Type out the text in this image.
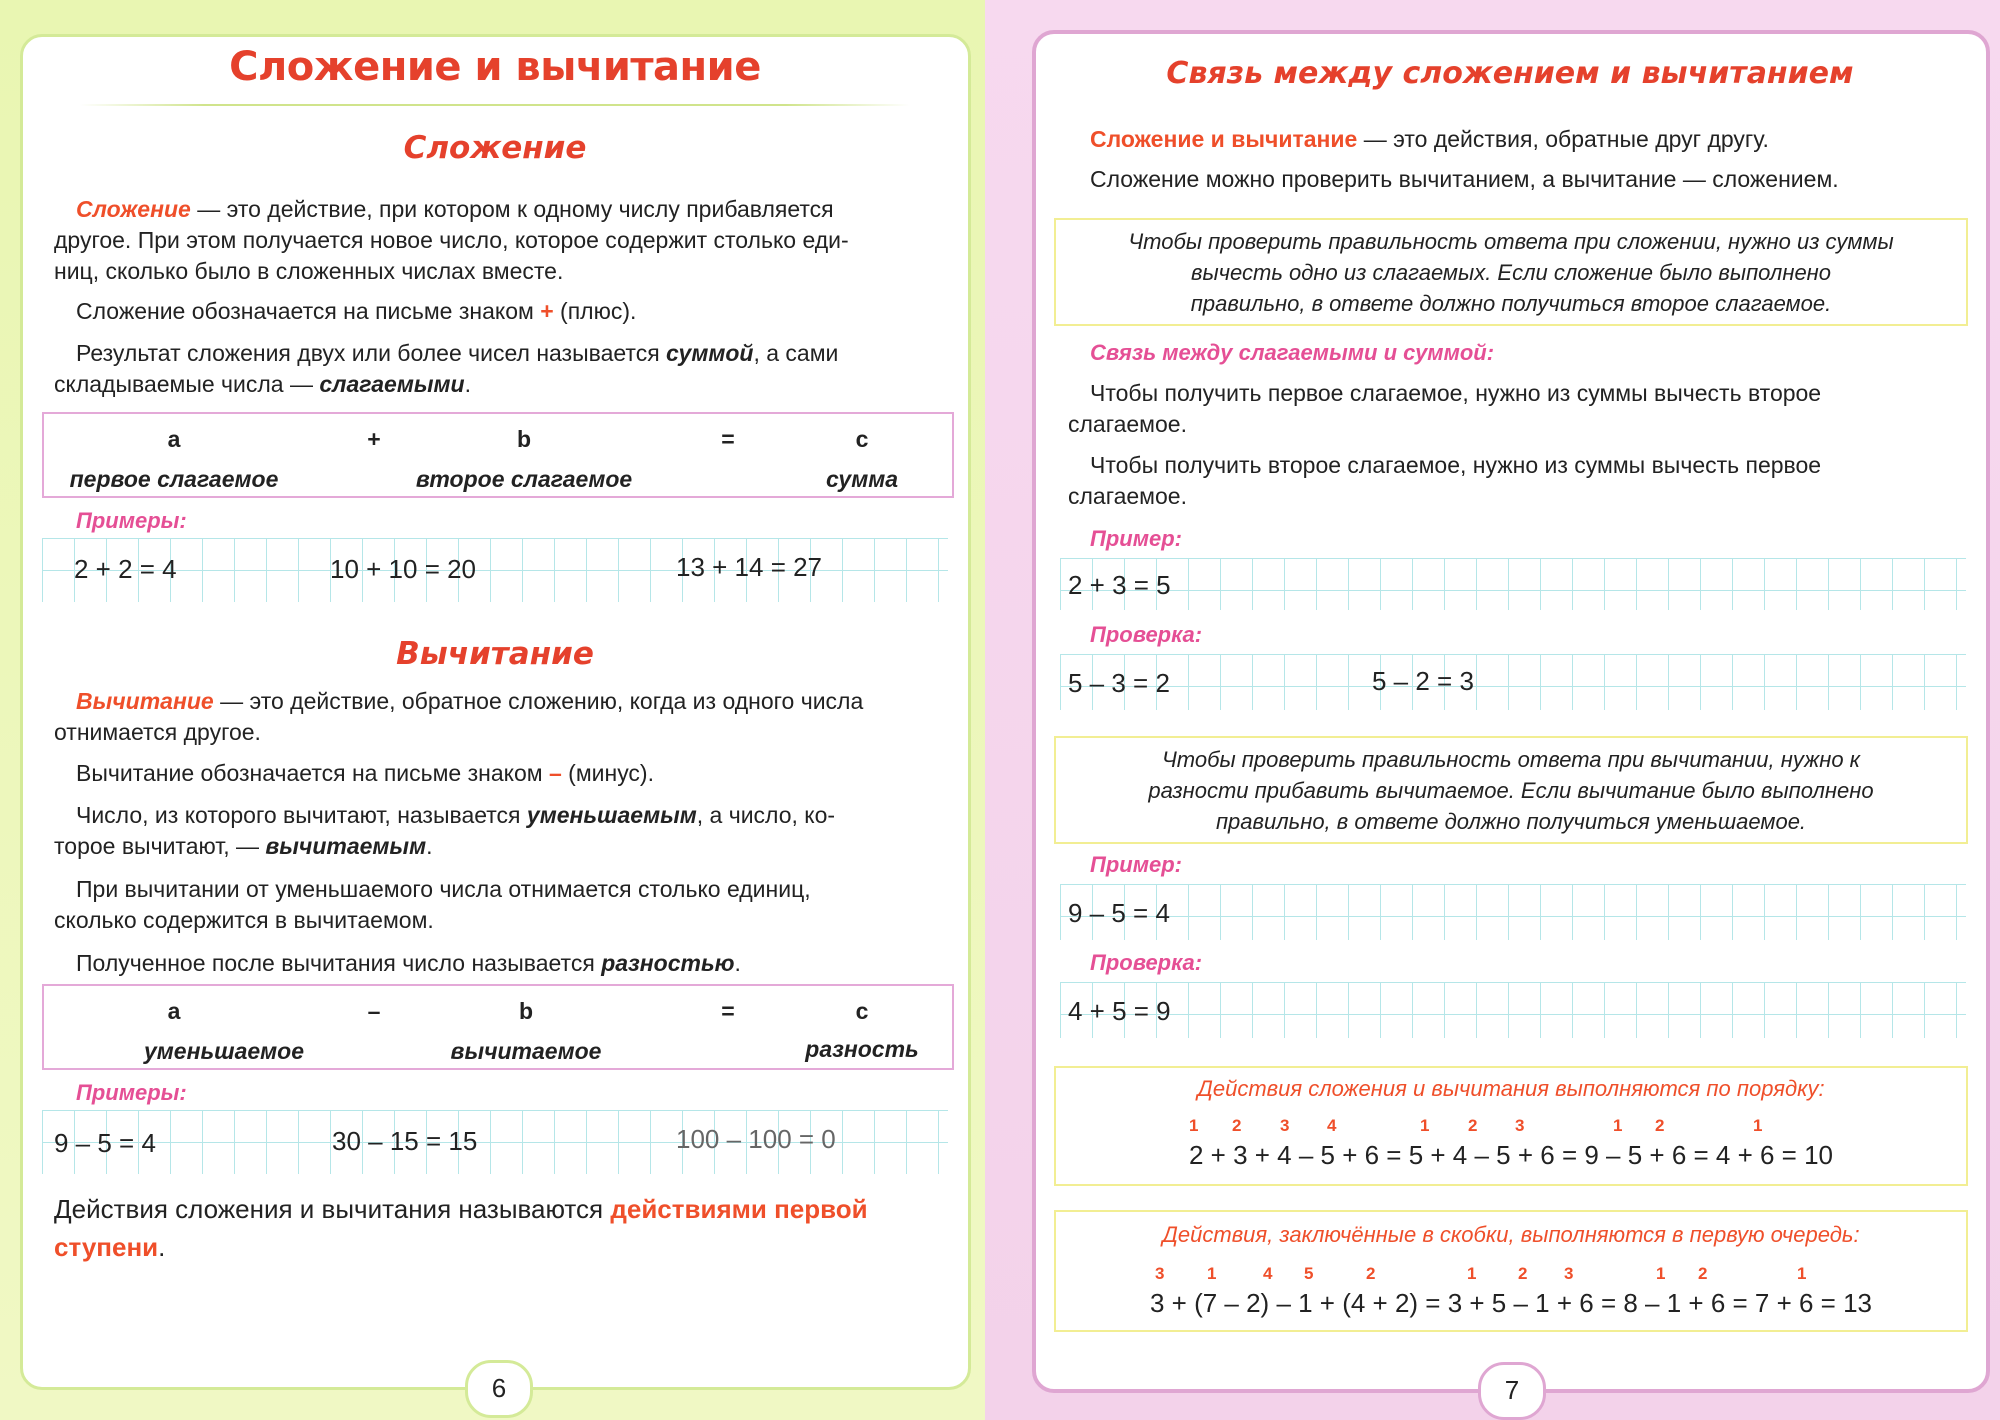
Сложение и вычитание
Сложение
Сложение — это действие, при котором к одному числу прибавляется
другое. При этом получается новое число, которое содержит столько еди-
ниц, сколько было в сложенных числах вместе.
Сложение обозначается на письме знаком + (плюс).
Результат сложения двух или более чисел называется суммой, а сами
складываемые числа — слагаемыми.
a	+	b	=	c
первое слагаемое	второе слагаемое	сумма
Примеры:
2 + 2 = 4	10 + 10 = 20	13 + 14 = 27
Вычитание
Вычитание — это действие, обратное сложению, когда из одного числа
отнимается другое.
Вычитание обозначается на письме знаком – (минус).
Число, из которого вычитают, называется уменьшаемым, а число, ко-
торое вычитают, — вычитаемым.
При вычитании от уменьшаемого числа отнимается столько единиц,
сколько содержится в вычитаемом.
Полученное после вычитания число называется разностью.
a	–	b	=	c
уменьшаемое	вычитаемое	разность
Примеры:
9 – 5 = 4	30 – 15 = 15	100 – 100 = 0
Действия сложения и вычитания называются действиями первой
ступени.
6
Связь между сложением и вычитанием
Сложение и вычитание — это действия, обратные друг другу.
Сложение можно проверить вычитанием, а вычитание — сложением.
Чтобы проверить правильность ответа при сложении, нужно из суммы
вычесть одно из слагаемых. Если сложение было выполнено
правильно, в ответе должно получиться второе слагаемое.
Связь между слагаемыми и суммой:
Чтобы получить первое слагаемое, нужно из суммы вычесть второе
слагаемое.
Чтобы получить второе слагаемое, нужно из суммы вычесть первое
слагаемое.
Пример:
2 + 3 = 5
Проверка:
5 – 3 = 2	5 – 2 = 3
Чтобы проверить правильность ответа при вычитании, нужно к
разности прибавить вычитаемое. Если вычитание было выполнено
правильно, в ответе должно получиться уменьшаемое.
Пример:
9 – 5 = 4
Проверка:
4 + 5 = 9
Действия сложения и вычитания выполняются по порядку:
1 2 3 4	1 2 3	1 2	1
2 + 3 + 4 – 5 + 6 = 5 + 4 – 5 + 6 = 9 – 5 + 6 = 4 + 6 = 10
Действия, заключённые в скобки, выполняются в первую очередь:
3	1	4 5	2	1 2 3	1 2	1
3 + (7 – 2) – 1 + (4 + 2) = 3 + 5 – 1 + 6 = 8 – 1 + 6 = 7 + 6 = 13
7
